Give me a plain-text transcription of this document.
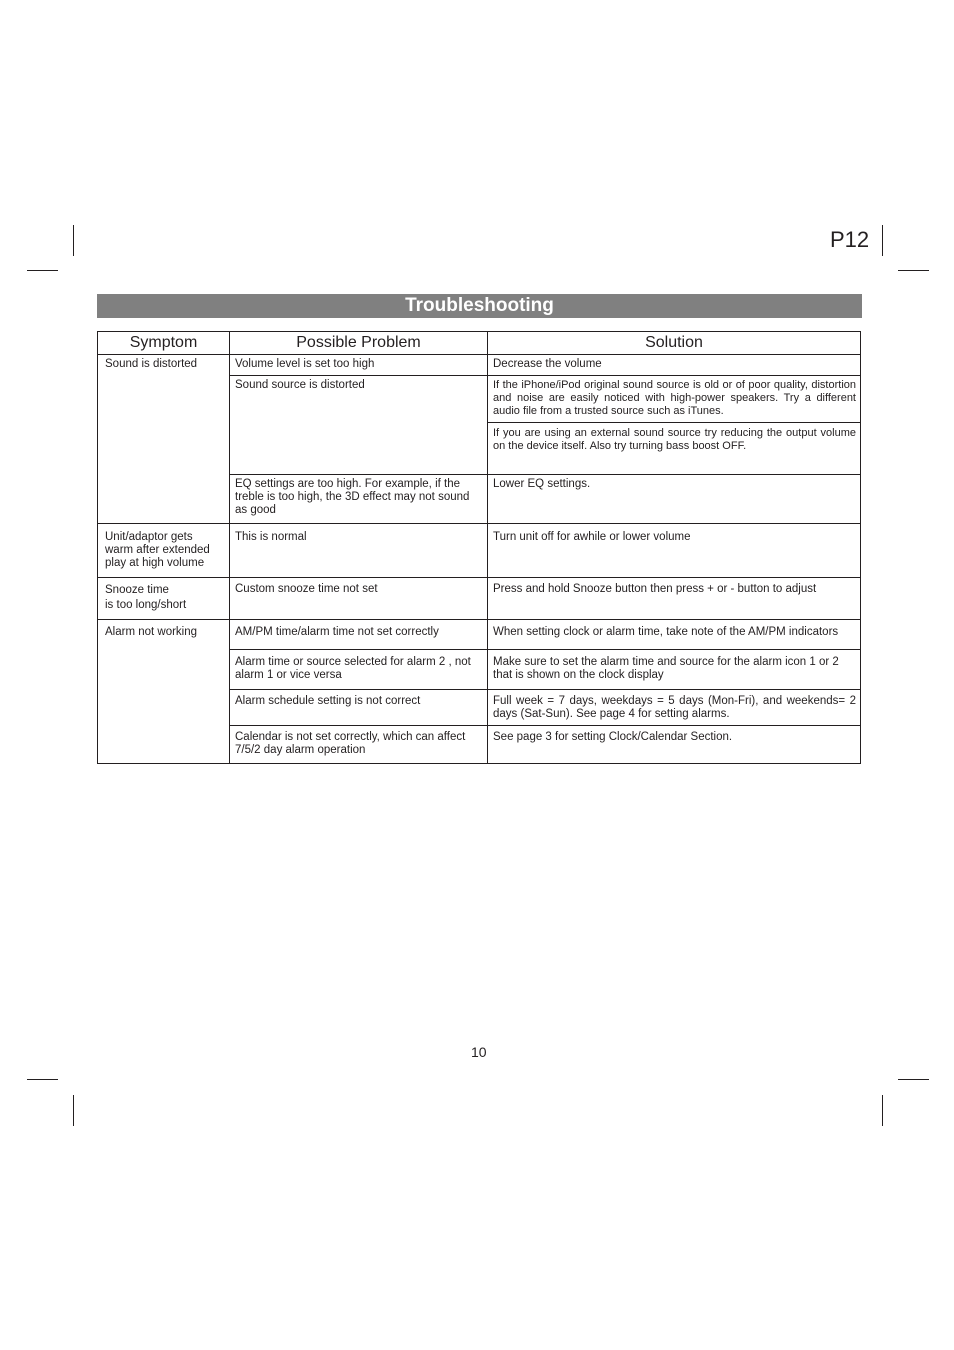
P12
Troubleshooting
Symptom	Possible Problem	Solution
Sound is distorted	Volume level is set too high	Decrease the volume
	Sound source is distorted	If the iPhone/iPod original sound source is old or of poor quality, distortion and noise are easily noticed with high-power speakers. Try a different audio file from a trusted source such as iTunes.
		If you are using an external sound source try reducing the output volume on the device itself. Also try turning bass boost OFF.
	EQ settings are too high. For example, if the treble is too high, the 3D effect may not sound as good	Lower EQ settings.
Unit/adaptor gets warm after extended play at high volume	This is normal	Turn unit off for awhile or lower volume
Snooze time
is too long/short	Custom snooze time not set	Press and hold Snooze button then press + or - button to adjust
Alarm not working	AM/PM time/alarm time not set correctly	When setting clock or alarm time, take note of the AM/PM indicators
	Alarm time or source selected for alarm 2 , not alarm 1 or vice versa	Make sure to set the alarm time and source for the alarm icon 1 or 2 that is shown on the clock display
	Alarm schedule setting is not correct	Full week = 7 days, weekdays = 5 days (Mon-Fri), and weekends= 2 days (Sat-Sun). See page 4 for setting alarms.
	Calendar is not set correctly, which can affect 7/5/2 day alarm operation	See page 3 for setting Clock/Calendar Section.
10
